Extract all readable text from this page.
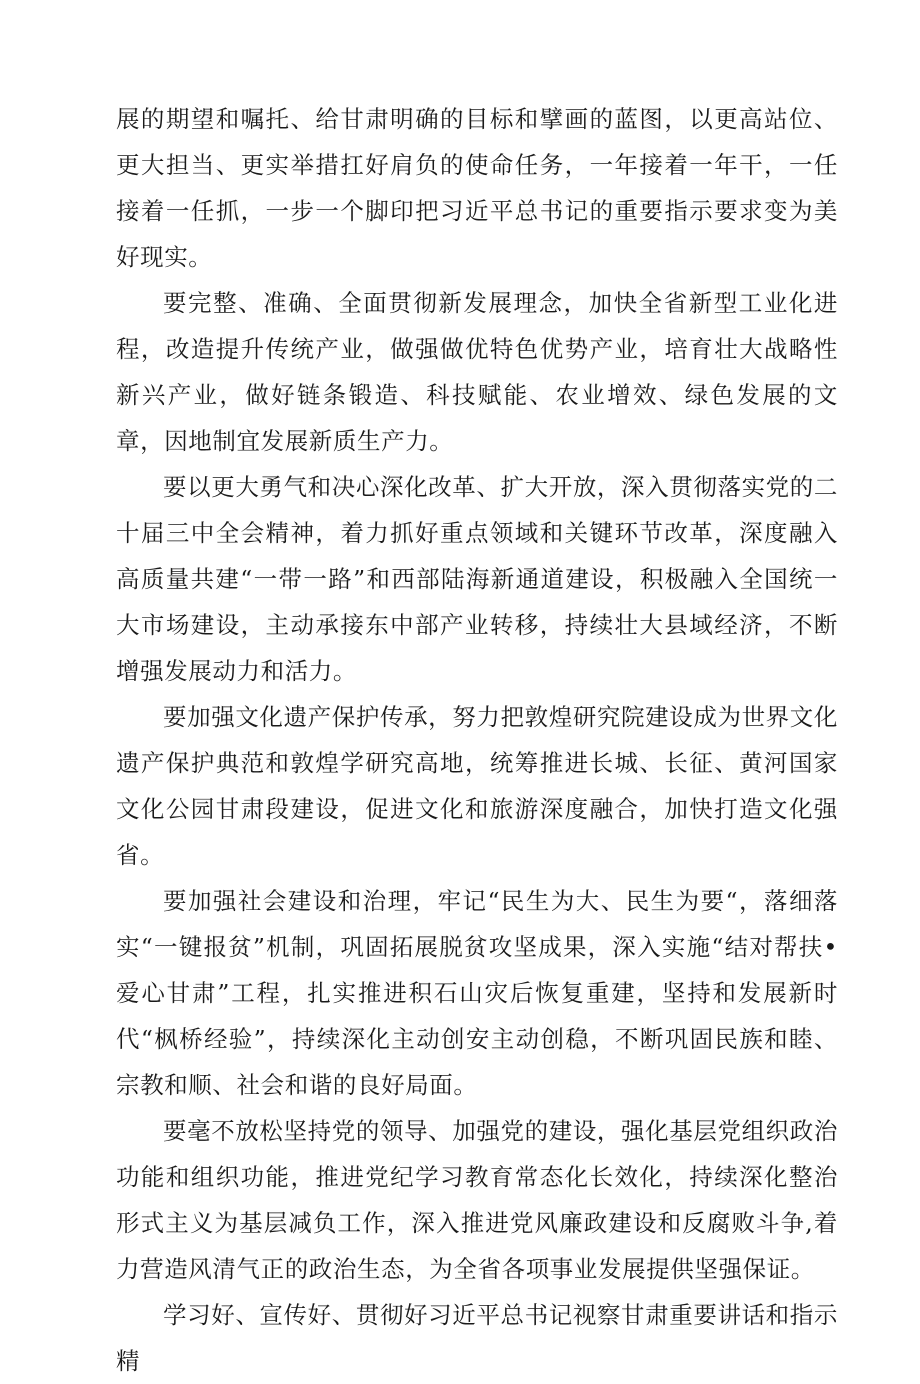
展的期望和嘱托、给甘肃明确的目标和擘画的蓝图，以更高站位、更大担当、更实举措扛好肩负的使命任务，一年接着一年干，一任接着一任抓，一步一个脚印把习近平总书记的重要指示要求变为美好现实。

要完整、准确、全面贯彻新发展理念，加快全省新型工业化进程，改造提升传统产业，做强做优特色优势产业，培育壮大战略性新兴产业，做好链条锻造、科技赋能、农业增效、绿色发展的文章，因地制宜发展新质生产力。

要以更大勇气和决心深化改革、扩大开放，深入贯彻落实党的二十届三中全会精神，着力抓好重点领域和关键环节改革，深度融入高质量共建“一带一路”和西部陆海新通道建设，积极融入全国统一大市场建设，主动承接东中部产业转移，持续壮大县域经济，不断增强发展动力和活力。

要加强文化遗产保护传承，努力把敦煌研究院建设成为世界文化遗产保护典范和敦煌学研究高地，统筹推进长城、长征、黄河国家文化公园甘肃段建设，促进文化和旅游深度融合，加快打造文化强省。

要加强社会建设和治理，牢记“民生为大、民生为要“，落细落实“一键报贫”机制，巩固拓展脱贫攻坚成果，深入实施“结对帮扶•爱心甘肃”工程，扎实推进积石山灾后恢复重建，坚持和发展新时代“枫桥经验”，持续深化主动创安主动创稳，不断巩固民族和睦、宗教和顺、社会和谐的良好局面。

要毫不放松坚持党的领导、加强党的建设，强化基层党组织政治功能和组织功能，推进党纪学习教育常态化长效化，持续深化整治形式主义为基层减负工作，深入推进党风廉政建设和反腐败斗争,着力营造风清气正的政治生态，为全省各项事业发展提供坚强保证。

学习好、宣传好、贯彻好习近平总书记视察甘肃重要讲话和指示精
